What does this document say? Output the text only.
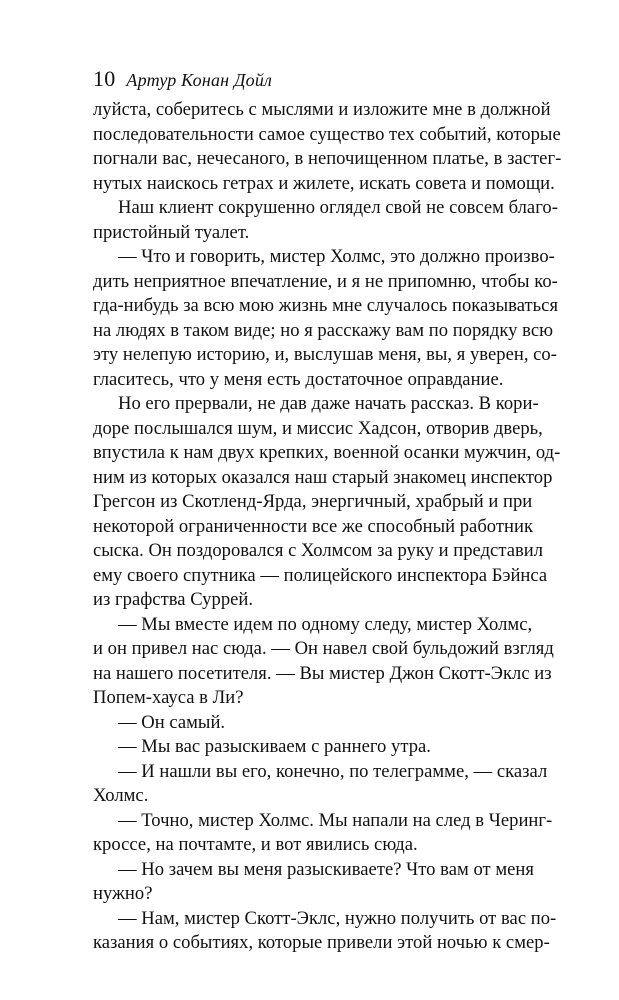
10 Артур Конан Дойл
луйста, соберитесь с мыслями и изложите мне в должной
последовательности самое существо тех событий, которые
погнали вас, нечесаного, в непочищенном платье, в застег-
нутых наискось гетрах и жилете, искать совета и помощи.
Наш клиент сокрушенно оглядел свой не совсем благо-
пристойный туалет.
— Что и говорить, мистер Холмс, это должно произво-
дить неприятное впечатление, и я не припомню, чтобы ко-
гда-нибудь за всю мою жизнь мне случалось показываться
на людях в таком виде; но я расскажу вам по порядку всю
эту нелепую историю, и, выслушав меня, вы, я уверен, со-
гласитесь, что у меня есть достаточное оправдание.
Но его прервали, не дав даже начать рассказ. В кори-
доре послышался шум, и миссис Хадсон, отворив дверь,
впустила к нам двух крепких, военной осанки мужчин, од-
ним из которых оказался наш старый знакомец инспектор
Грегсон из Скотленд-Ярда, энергичный, храбрый и при
некоторой ограниченности все же способный работник
сыска. Он поздоровался с Холмсом за руку и представил
ему своего спутника — полицейского инспектора Бэйнса
из графства Суррей.
— Мы вместе идем по одному следу, мистер Холмс,
и он привел нас сюда. — Он навел свой бульдожий взгляд
на нашего посетителя. — Вы мистер Джон Скотт-Эклс из
Попем-хауса в Ли?
— Он самый.
— Мы вас разыскиваем с раннего утра.
— И нашли вы его, конечно, по телеграмме, — сказал
Холмс.
— Точно, мистер Холмс. Мы напали на след в Черинг-
кроссе, на почтамте, и вот явились сюда.
— Но зачем вы меня разыскиваете? Что вам от меня
нужно?
— Нам, мистер Скотт-Эклс, нужно получить от вас по-
казания о событиях, которые привели этой ночью к смер-
